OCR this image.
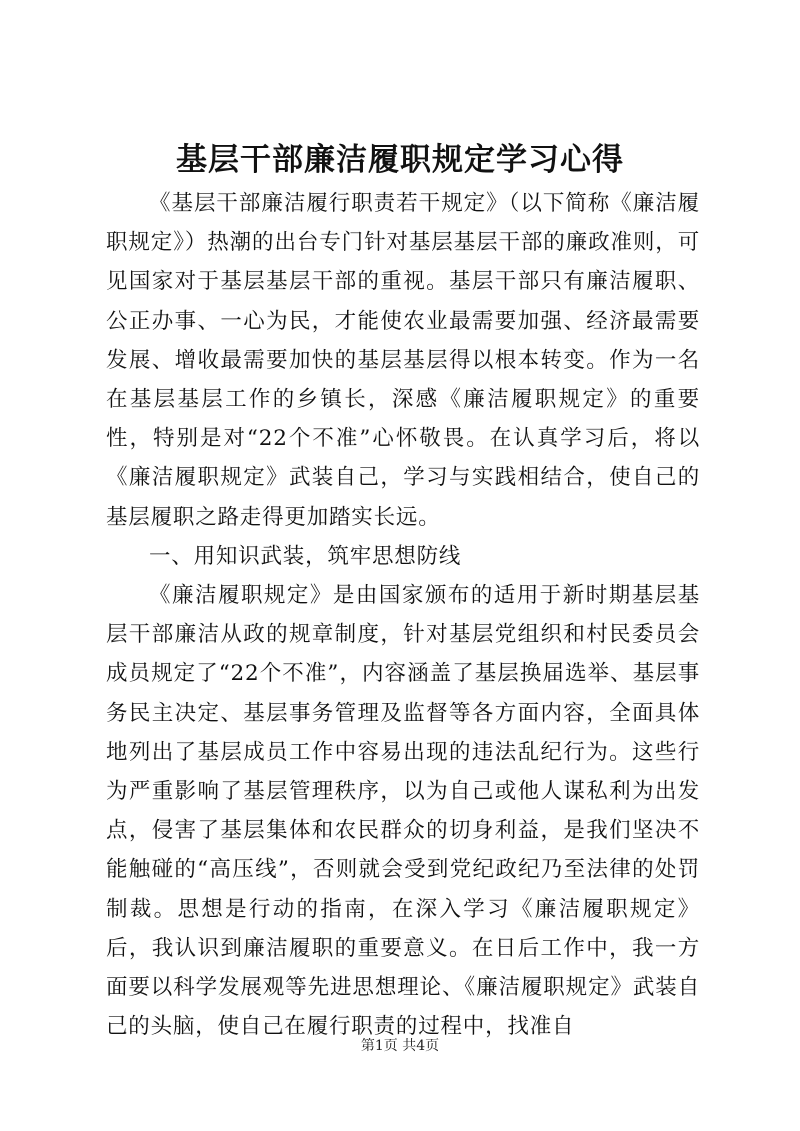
基层干部廉洁履职规定学习心得

《基层干部廉洁履行职责若干规定》（以下简称《廉洁履职规定》）热潮的出台专门针对基层基层干部的廉政准则，可见国家对于基层基层干部的重视。基层干部只有廉洁履职、公正办事、一心为民，才能使农业最需要加强、经济最需要发展、增收最需要加快的基层基层得以根本转变。作为一名在基层基层工作的乡镇长，深感《廉洁履职规定》的重要性，特别是对“22个不准”心怀敬畏。在认真学习后，将以《廉洁履职规定》武装自己，学习与实践相结合，使自己的基层履职之路走得更加踏实长远。

一、用知识武装，筑牢思想防线

《廉洁履职规定》是由国家颁布的适用于新时期基层基层干部廉洁从政的规章制度，针对基层党组织和村民委员会成员规定了“22个不准”，内容涵盖了基层换届选举、基层事务民主决定、基层事务管理及监督等各方面内容，全面具体地列出了基层成员工作中容易出现的违法乱纪行为。这些行为严重影响了基层管理秩序，以为自己或他人谋私利为出发点，侵害了基层集体和农民群众的切身利益，是我们坚决不能触碰的“高压线”，否则就会受到党纪政纪乃至法律的处罚制裁。思想是行动的指南，在深入学习《廉洁履职规定》后，我认识到廉洁履职的重要意义。在日后工作中，我一方面要以科学发展观等先进思想理论、《廉洁履职规定》武装自己的头脑，使自己在履行职责的过程中，找准自

第1页 共4页
